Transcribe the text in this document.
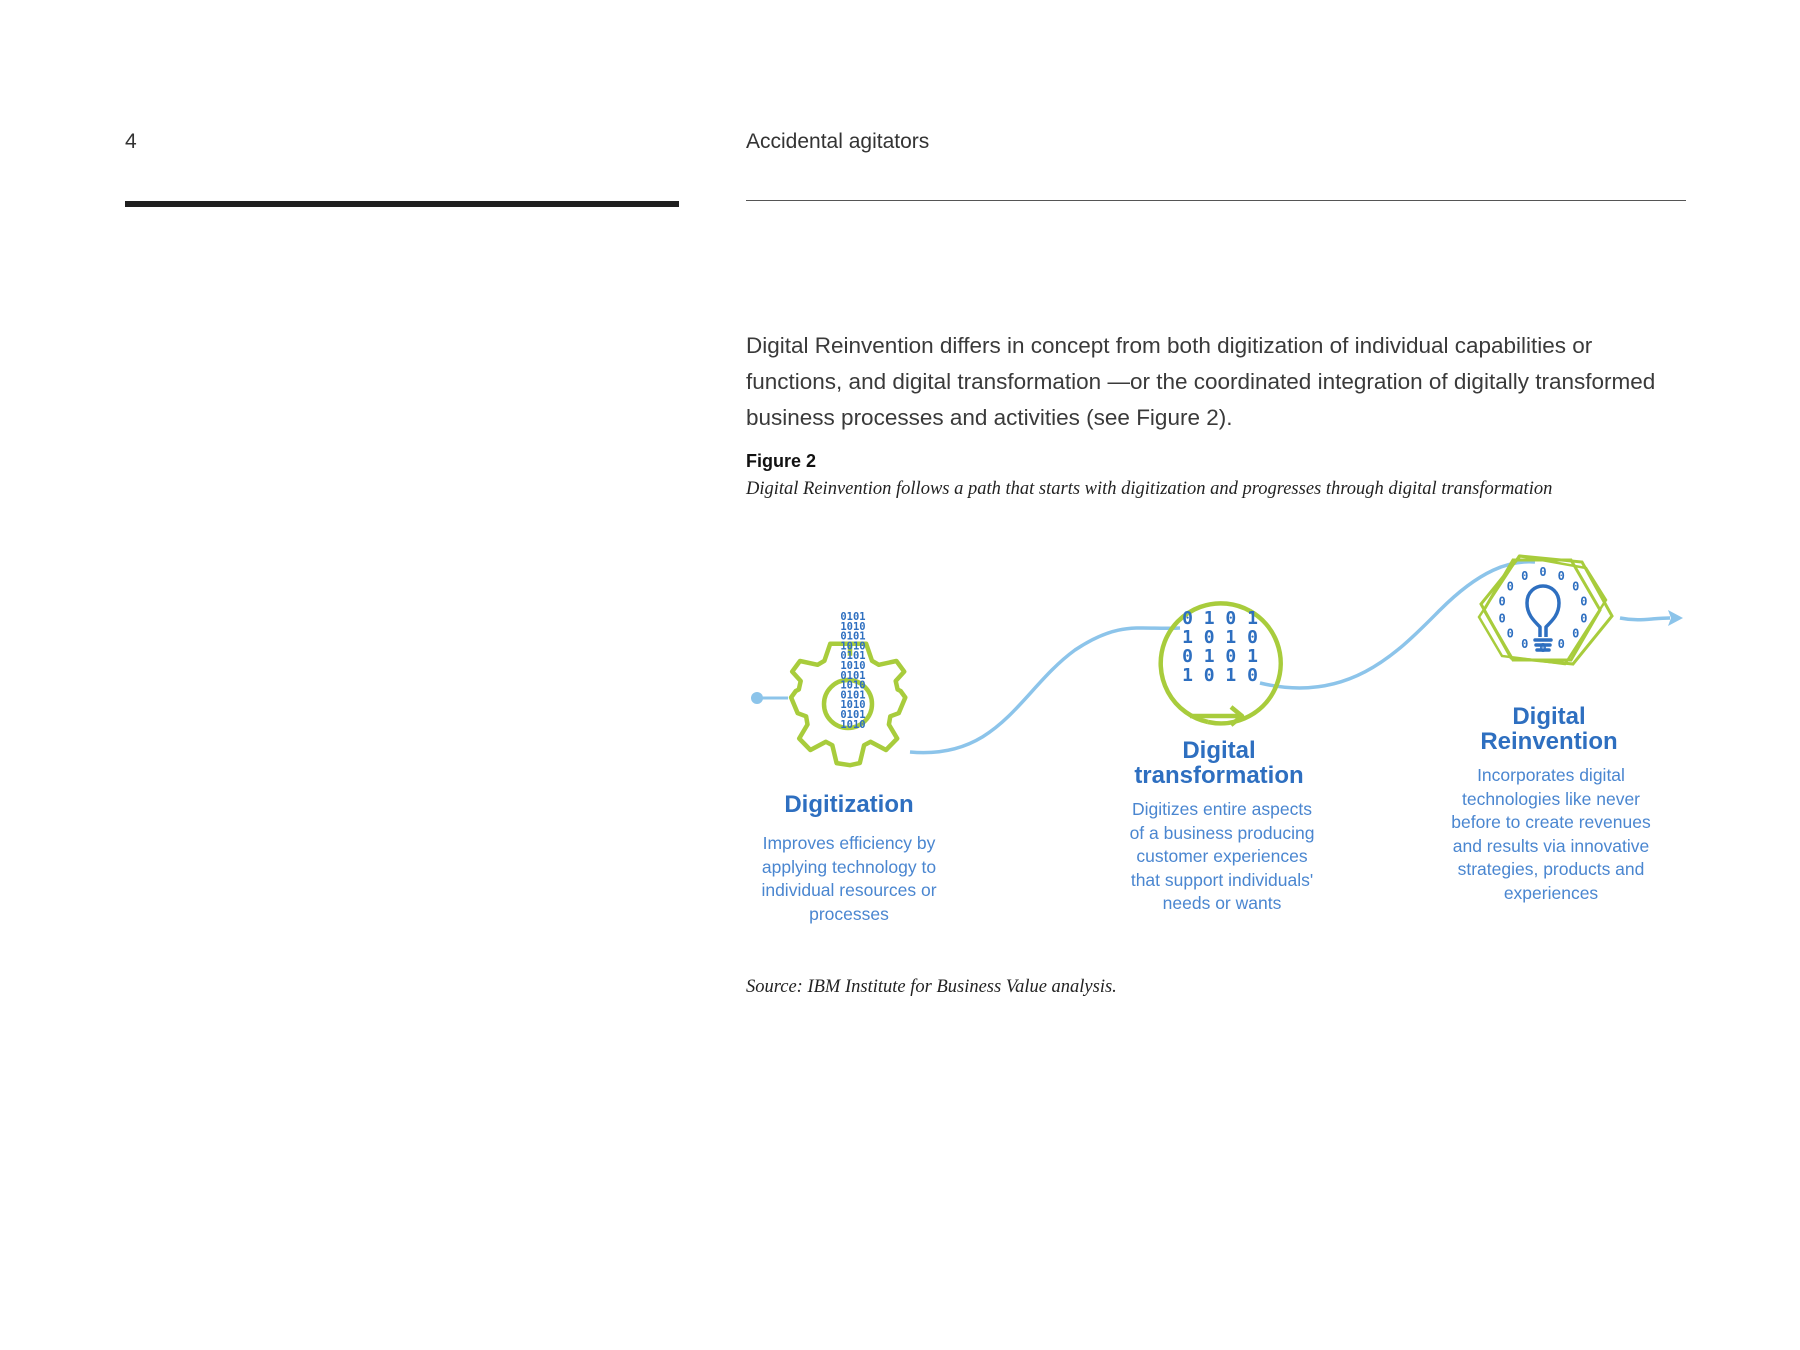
4	Accidental agitators
Digital Reinvention differs in concept from both digitization of individual capabilities or functions, and digital transformation —or the coordinated integration of digitally transformed business processes and activities (see Figure 2).
Figure 2
Digital Reinvention follows a path that starts with digitization and progresses through digital transformation
0101
1010
0101
1010
0101
1010
0101
1010
0101
1010
0101
1010
0 1 0 1
1 0 1 0
0 1 0 1
1 0 1 0
0 0
0
0
0
0
0
0
0
0
0
0
0
0
Digitization
Improves efficiency by
applying technology to
individual resources or
processes
Digital
transformation
Digitizes entire aspects
of a business producing
customer experiences
that support individuals'
needs or wants
Digital
Reinvention
Incorporates digital
technologies like never
before to create revenues
and results via innovative
strategies, products and
experiences
Source: IBM Institute for Business Value analysis.
